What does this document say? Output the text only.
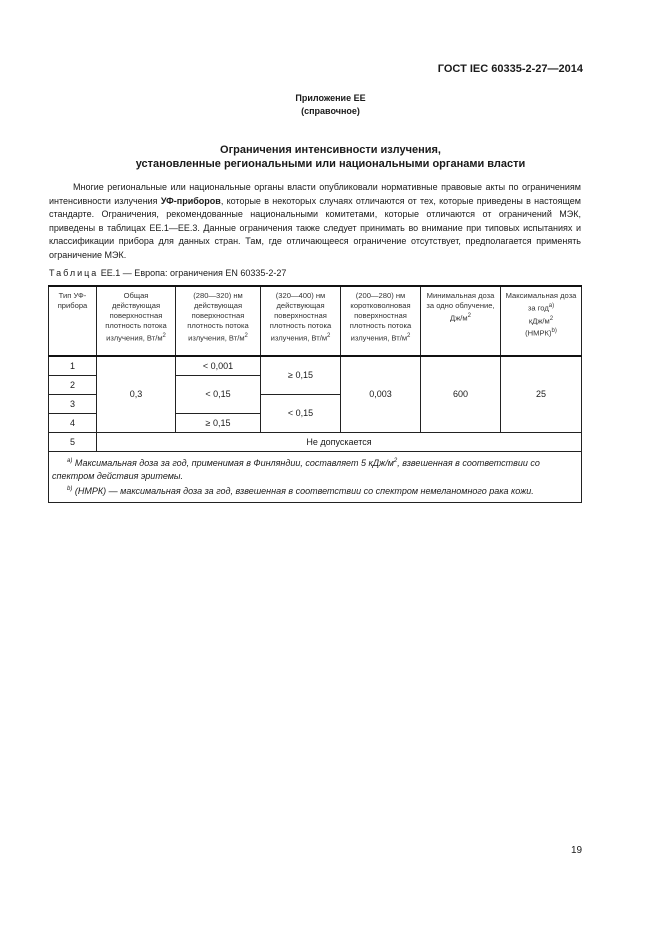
ГОСТ IEC 60335-2-27—2014
Приложение ЕЕ
(справочное)
Ограничения интенсивности излучения,
установленные региональными или национальными органами власти

Многие региональные или национальные органы власти опубликовали нормативные правовые акты по ограничениям интенсивности излучения УФ-приборов, которые в некоторых случаях отличаются от тех, которые приведены в настоящем стандарте. Ограничения, рекомендованные национальными комитетами, которые отличаются от ограничений МЭК, приведены в таблицах ЕЕ.1—ЕЕ.3. Данные ограничения также следует принимать во внимание при типовых испытаниях и классификации прибора для данных стран. Там, где отличающееся ограничение отсутствует, предполагается применять ограничение МЭК.

Таблица ЕЕ.1 — Европа: ограничения EN 60335-2-27
Тип УФ-прибора	Общая действующая поверхностная плотность потока излучения, $Вт/м^2$	(280—320) нм действующая поверхностная плотность потока излучения, $Вт/м^2$	(320—400) нм действующая поверхностная плотность потока излучения, $Вт/м^2$	(200—280) нм коротковолновая поверхностная плотность потока излучения, $Вт/м^2$	Минимальная доза за одно облучение, $Дж/м^2$	Максимальная доза за год$^{a)}$
кДж/$м^2$
(НМРК)$^{b)}$
1	0,3	< 0,001	≥ 0,15	0,003	600	25
2		< 0,15				
3			< 0,15			
4		≥ 0,15				
5	Не допускается					

$^{a)}$ Максимальная доза за год, применимая в Финляндии, составляет 5 кДж/$м^2$, взвешенная в соответствии со спектром действия эритемы.

$^{b)}$ (НМРК) — максимальная доза за год, взвешенная в соответствии со спектром немеланомного рака кожи.						

19
